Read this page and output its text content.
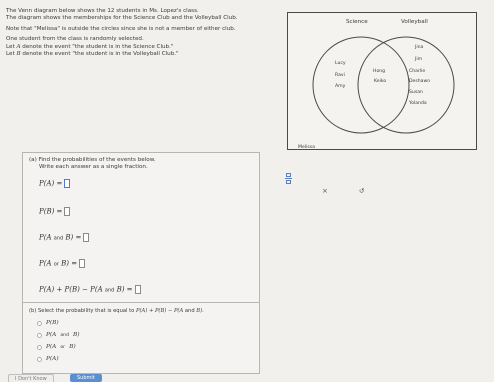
The Venn diagram below shows the 12 students in Ms. Lopez's class.
The diagram shows the memberships for the Science Club and the Volleyball Club.

Note that "Melissa" is outside the circles since she is not a member of either club.

One student from the class is randomly selected.
Let A denote the event "the student is in the Science Club."
Let B denote the event "the student is in the Volleyball Club."

Science	Volleyball
Lucy
Ravi
Amy
Hong
Keiko
Jina
Jim
Charlie
Deshawn
Susan
Yolanda
Melissa
(a) Find the probabilities of the events below.
Write each answer as a single fraction.
P(A) =
P(B) =
P(A and B) =
P(A or B) =
P(A) + P(B) − P(A and B) =
(b) Select the probability that is equal to P(A) + P(B) − P(A and B).
P(B)
P(A and B)
P(A or B)
P(A)
×	↺
I Don't Know	Submit
